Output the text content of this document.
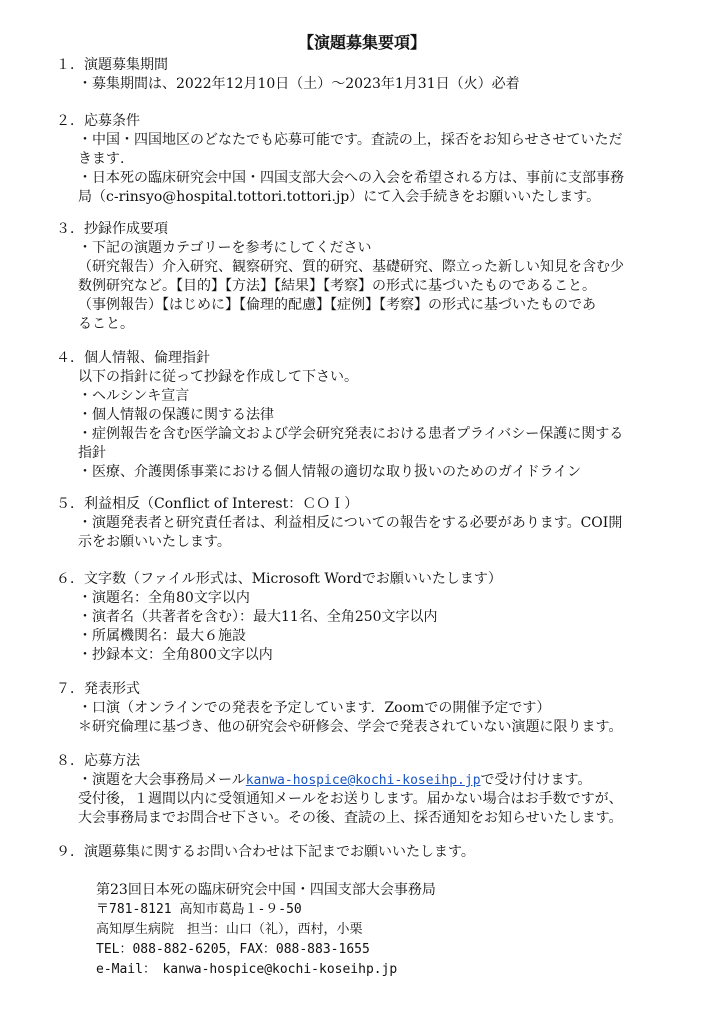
【演題募集要項】
１．演題募集期間
・募集期間は、2022年12月10日（土）～2023年1月31日（火）必着
２．応募条件
・中国・四国地区のどなたでも応募可能です。査読の上，採否をお知らせさせていただ
きます.
・日本死の臨床研究会中国・四国支部大会への入会を希望される方は、事前に支部事務
局（c-rinsyo@hospital.tottori.tottori.jp）にて入会手続きをお願いいたします。
３．抄録作成要項
・下記の演題カテゴリーを参考にしてください
（研究報告）介入研究、観察研究、質的研究、基礎研究、際立った新しい知見を含む少
数例研究など。【目的】【方法】【結果】【考察】の形式に基づいたものであること。
（事例報告）【はじめに】【倫理的配慮】【症例】【考察】の形式に基づいたものであ
ること。
４．個人情報、倫理指針
以下の指針に従って抄録を作成して下さい。
・ヘルシンキ宣言
・個人情報の保護に関する法律
・症例報告を含む医学論文および学会研究発表における患者プライバシー保護に関する
指針
・医療、介護関係事業における個人情報の適切な取り扱いのためのガイドライン
５．利益相反（Conflict of Interest：ＣＯＩ）
・演題発表者と研究責任者は、利益相反についての報告をする必要があります。COI開
示をお願いいたします。
６．文字数（ファイル形式は、Microsoft Wordでお願いいたします）
・演題名：全角80文字以内
・演者名（共著者を含む）：最大11名、全角250文字以内
・所属機関名：最大６施設
・抄録本文：全角800文字以内
７．発表形式
・口演（オンラインでの発表を予定しています．Zoomでの開催予定です）
＊研究倫理に基づき、他の研究会や研修会、学会で発表されていない演題に限ります。
８．応募方法
・演題を大会事務局メールkanwa-hospice@kochi-koseihp.jpで受け付けます。
受付後，１週間以内に受領通知メールをお送りします。届かない場合はお手数ですが、
大会事務局までお問合せ下さい。その後、査読の上、採否通知をお知らせいたします。
９．演題募集に関するお問い合わせは下記までお願いいたします。
第23回日本死の臨床研究会中国・四国支部大会事務局
〒781-8121 高知市葛島１-９-50
高知厚生病院　担当：山口（礼），西村，小栗
TEL：088-882-6205，FAX：088-883-1655
e-Mail：　kanwa-hospice@kochi-koseihp.jp
